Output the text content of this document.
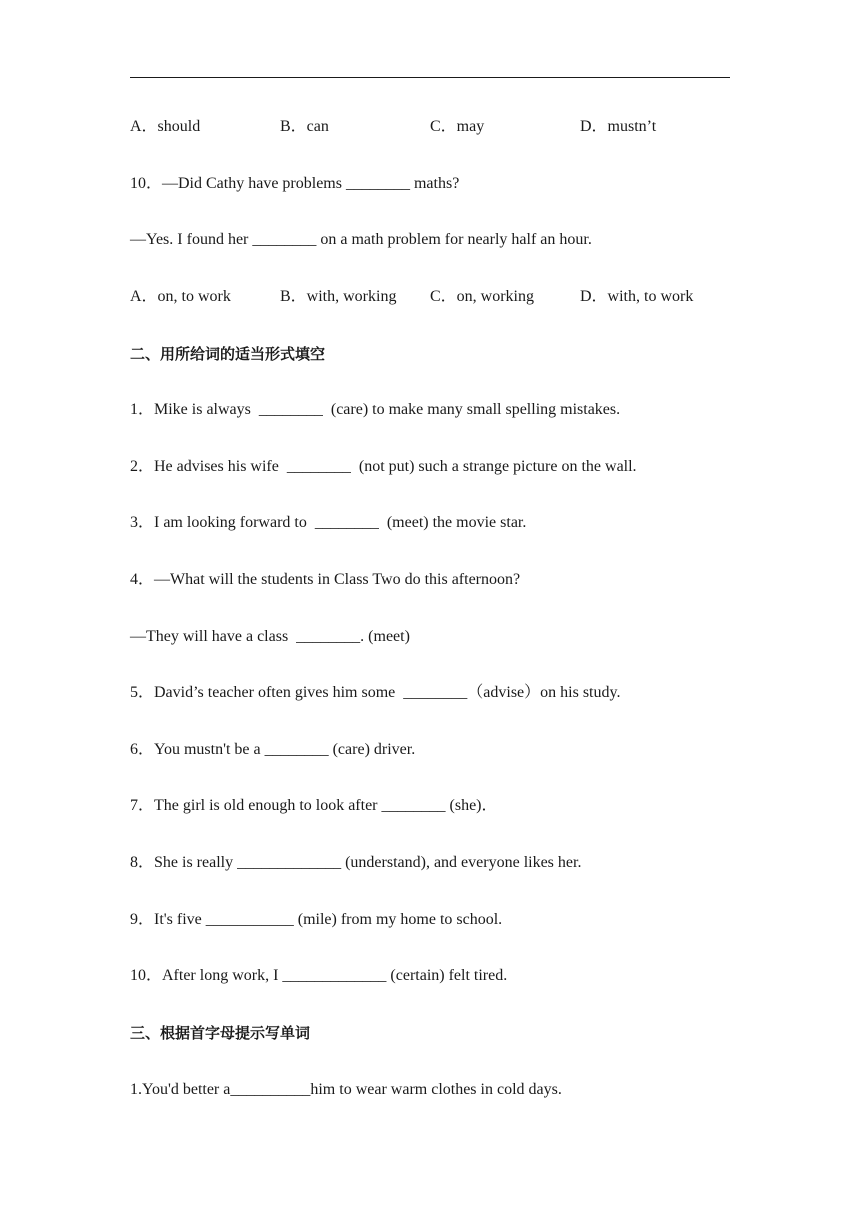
A．should	B．can	C．may	D．mustn’t
10．—Did Cathy have problems ________ maths?
—Yes. I found her ________ on a math problem for nearly half an hour.
A．on, to work	B．with, working C．on, working	D．with, to work
二、用所给词的适当形式填空
1．Mike is always  ________  (care) to make many small spelling mistakes.
2．He advises his wife  ________  (not put) such a strange picture on the wall.
3．I am looking forward to  ________  (meet) the movie star.
4．—What will the students in Class Two do this afternoon?
—They will have a class  ________. (meet)
5．David’s teacher often gives him some  ________（advise）on his study.
6．You mustn't be a ________ (care) driver.
7．The girl is old enough to look after ________ (she)．
8．She is really _____________ (understand), and everyone likes her.
9．It's five ___________ (mile) from my home to school.
10．After long work, I _____________ (certain) felt tired.
三、根据首字母提示写单词
1.You'd better a__________him to wear warm clothes in cold days.
